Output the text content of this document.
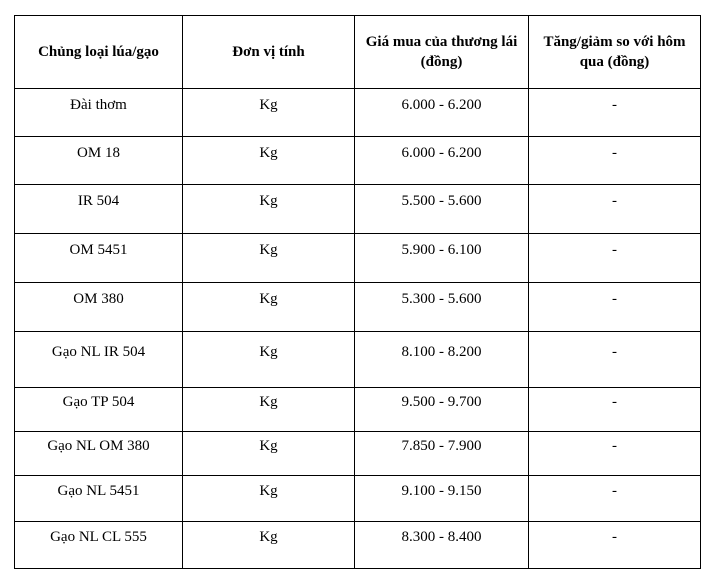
Chủng loại lúa/gạo	Đơn vị tính	Giá mua của thương lái (đồng)	Tăng/giảm so với hôm qua (đồng)
Đài thơm	Kg	6.000 - 6.200	-
OM 18	Kg	6.000 - 6.200	-
IR 504	Kg	5.500 - 5.600	-
OM 5451	Kg	5.900 - 6.100	-
OM 380	Kg	5.300 - 5.600	-
Gạo NL IR 504	Kg	8.100 - 8.200	-
Gạo TP 504	Kg	9.500 - 9.700	-
Gạo NL OM 380	Kg	7.850 - 7.900	-
Gạo NL 5451	Kg	9.100 - 9.150	-
Gạo NL CL 555	Kg	8.300 - 8.400	-
